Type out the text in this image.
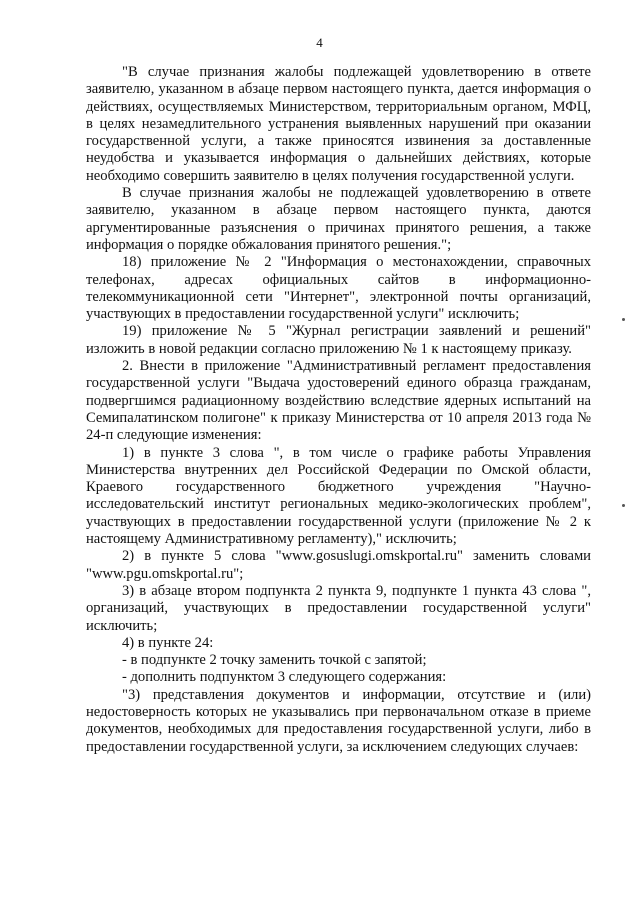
4

"В случае признания жалобы подлежащей удовлетворению в ответе заявителю, указанном в абзаце первом настоящего пункта, дается информация о действиях, осуществляемых Министерством, территориальным органом, МФЦ, в целях незамедлительного устранения выявленных нарушений при оказании государственной услуги, а также приносятся извинения за доставленные неудобства и указывается информация о дальнейших действиях, которые необходимо совершить заявителю в целях получения государственной услуги.

В случае признания жалобы не подлежащей удовлетворению в ответе заявителю, указанном в абзаце первом настоящего пункта, даются аргументированные разъяснения о причинах принятого решения, а также информация о порядке обжалования принятого решения.";

18) приложение № 2 "Информация о местонахождении, справочных телефонах, адресах официальных сайтов в информационно-телекоммуникационной сети "Интернет", электронной почты организаций, участвующих в предоставлении государственной услуги" исключить;

19) приложение № 5 "Журнал регистрации заявлений и решений" изложить в новой редакции согласно приложению № 1 к настоящему приказу.

2. Внести в приложение "Административный регламент предоставления государственной услуги "Выдача удостоверений единого образца гражданам, подвергшимся радиационному воздействию вследствие ядерных испытаний на Семипалатинском полигоне" к приказу Министерства от 10 апреля 2013 года № 24-п следующие изменения:

1) в пункте 3 слова ", в том числе о графике работы Управления Министерства внутренних дел Российской Федерации по Омской области, Краевого государственного бюджетного учреждения "Научно-исследовательский институт региональных медико-экологических проблем", участвующих в предоставлении государственной услуги (приложение № 2 к настоящему Административному регламенту)," исключить;

2) в пункте 5 слова "www.gosuslugi.omskportal.ru" заменить словами "www.pgu.omskportal.ru";

3) в абзаце втором подпункта 2 пункта 9, подпункте 1 пункта 43 слова ", организаций, участвующих в предоставлении государственной услуги" исключить;

4) в пункте 24:

- в подпункте 2 точку заменить точкой с запятой;

- дополнить подпунктом 3 следующего содержания:

"3) представления документов и информации, отсутствие и (или) недостоверность которых не указывались при первоначальном отказе в приеме документов, необходимых для предоставления государственной услуги, либо в предоставлении государственной услуги, за исключением следующих случаев:
